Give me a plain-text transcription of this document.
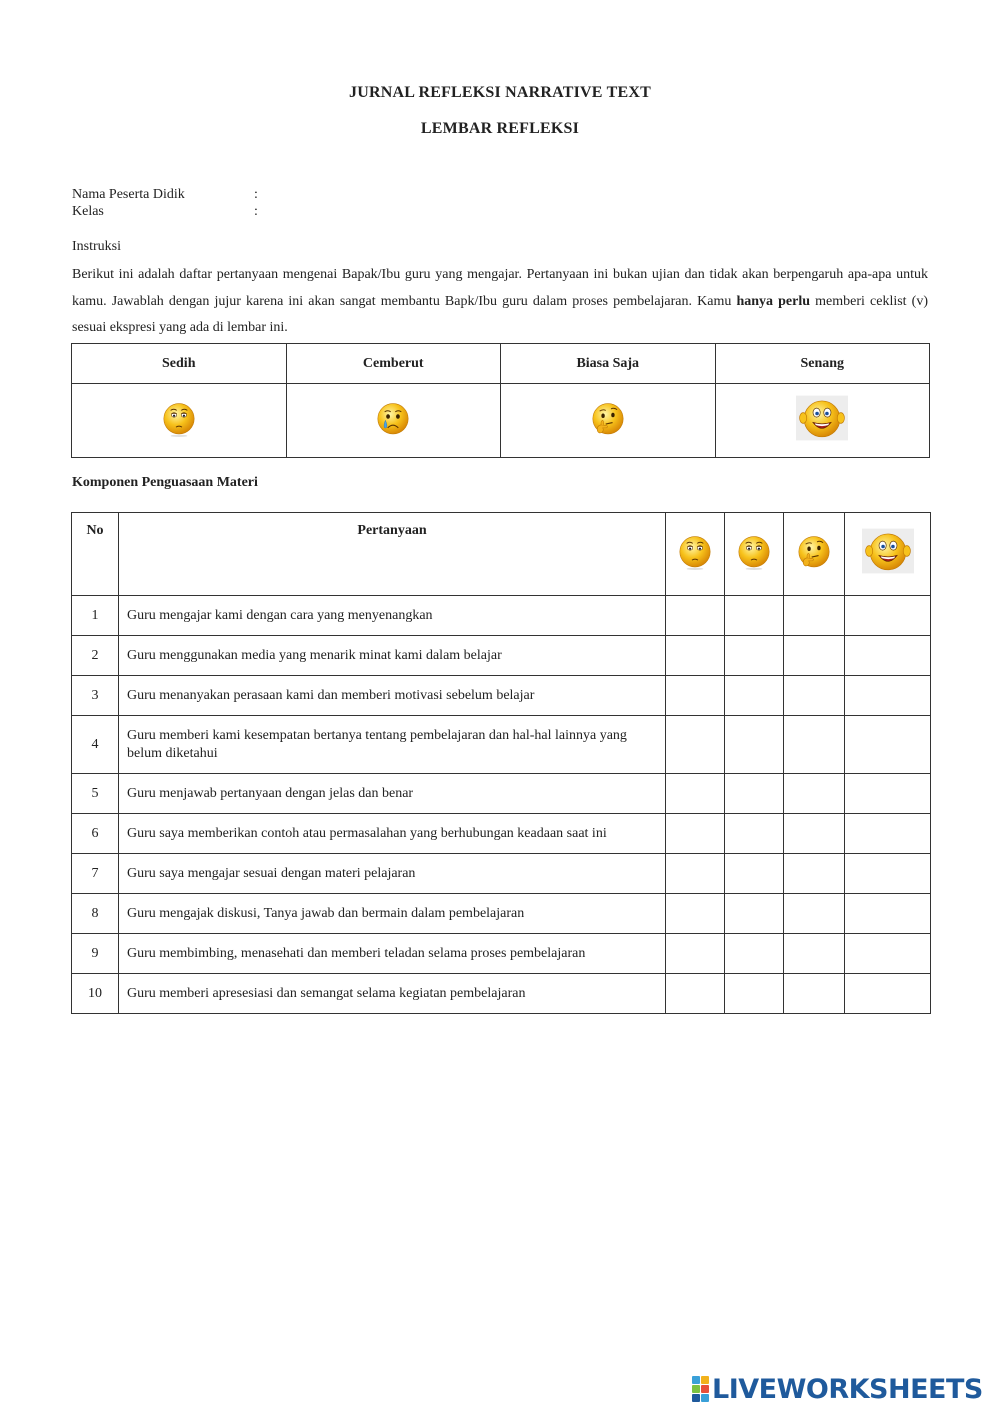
JURNAL REFLEKSI NARRATIVE TEXT
LEMBAR REFLEKSI
Nama Peserta Didik	:
Kelas	:
Instruksi
Berikut ini adalah daftar pertanyaan mengenai Bapak/Ibu guru yang mengajar. Pertanyaan ini bukan ujian dan tidak akan berpengaruh apa-apa untuk kamu. Jawablah dengan jujur karena ini akan sangat membantu Bapk/Ibu guru dalam proses pembelajaran. Kamu hanya perlu memberi ceklist (v) sesuai ekspresi yang ada di lembar ini.
Sedih	Cemberut	Biasa Saja	Senang

Komponen Penguasaan Materi
No	Pertanyaan	

1	Guru mengajar kami dengan cara yang menyenangkan				
2	Guru menggunakan media yang menarik minat kami dalam belajar				
3	Guru menanyakan perasaan kami dan memberi motivasi sebelum belajar				
4	Guru memberi kami kesempatan bertanya tentang pembelajaran dan hal-hal lainnya yang belum diketahui				
5	Guru menjawab pertanyaan dengan jelas dan benar				
6	Guru saya memberikan contoh atau permasalahan yang berhubungan keadaan saat ini				
7	Guru saya mengajar sesuai dengan materi pelajaran				
8	Guru mengajak diskusi, Tanya jawab dan bermain dalam pembelajaran				
9	Guru membimbing, menasehati dan memberi teladan selama proses pembelajaran				
10	Guru memberi apresesiasi dan semangat selama kegiatan pembelajaran				
LIVEWORKSHEETS
